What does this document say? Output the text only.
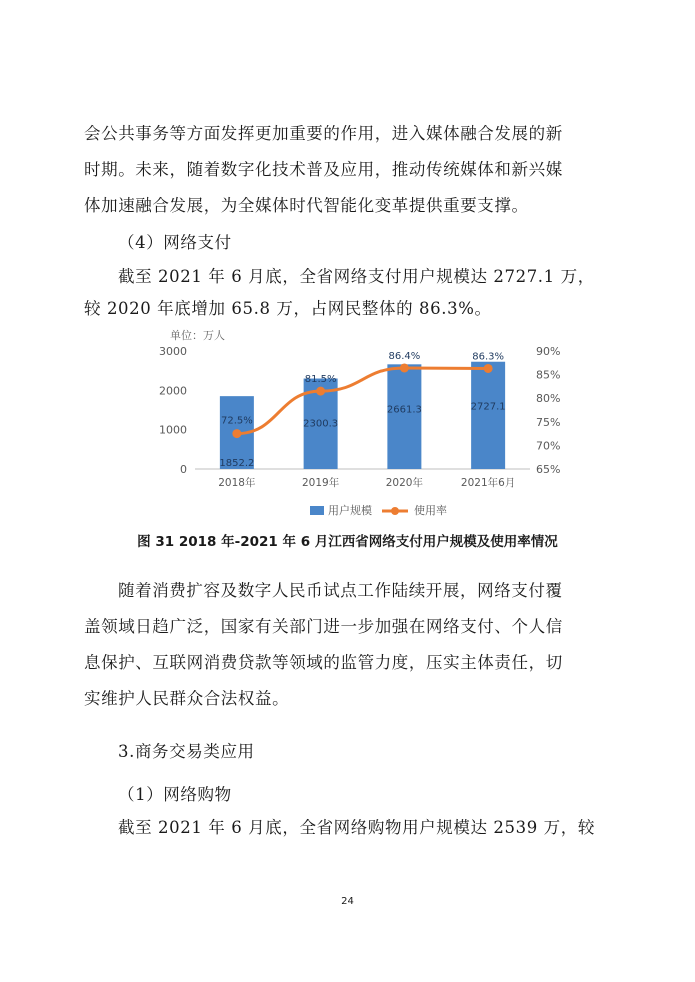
会公共事务等方面发挥更加重要的作用，进入媒体融合发展的新
时期。未来，随着数字化技术普及应用，推动传统媒体和新兴媒
体加速融合发展，为全媒体时代智能化变革提供重要支撑。
（4）网络支付
截至 2021 年 6 月底，全省网络支付用户规模达 2727.1 万，
较 2020 年底增加 65.8 万，占网民整体的 86.3%。
单位：万人
0
1000
2000
3000
65%
70%
75%
80%
85%
90%
2018年	2019年	2020年	2021年6月
1852.2
2300.3
2661.3	2727.1
72.5%
81.5%
86.4%	86.3%
用户规模	使用率
图 31 2018 年-2021 年 6 月江西省网络支付用户规模及使用率情况
随着消费扩容及数字人民币试点工作陆续开展，网络支付覆
盖领域日趋广泛，国家有关部门进一步加强在网络支付、个人信
息保护、互联网消费贷款等领域的监管力度，压实主体责任，切
实维护人民群众合法权益。
3.商务交易类应用
（1）网络购物
截至 2021 年 6 月底，全省网络购物用户规模达 2539 万，较
24
